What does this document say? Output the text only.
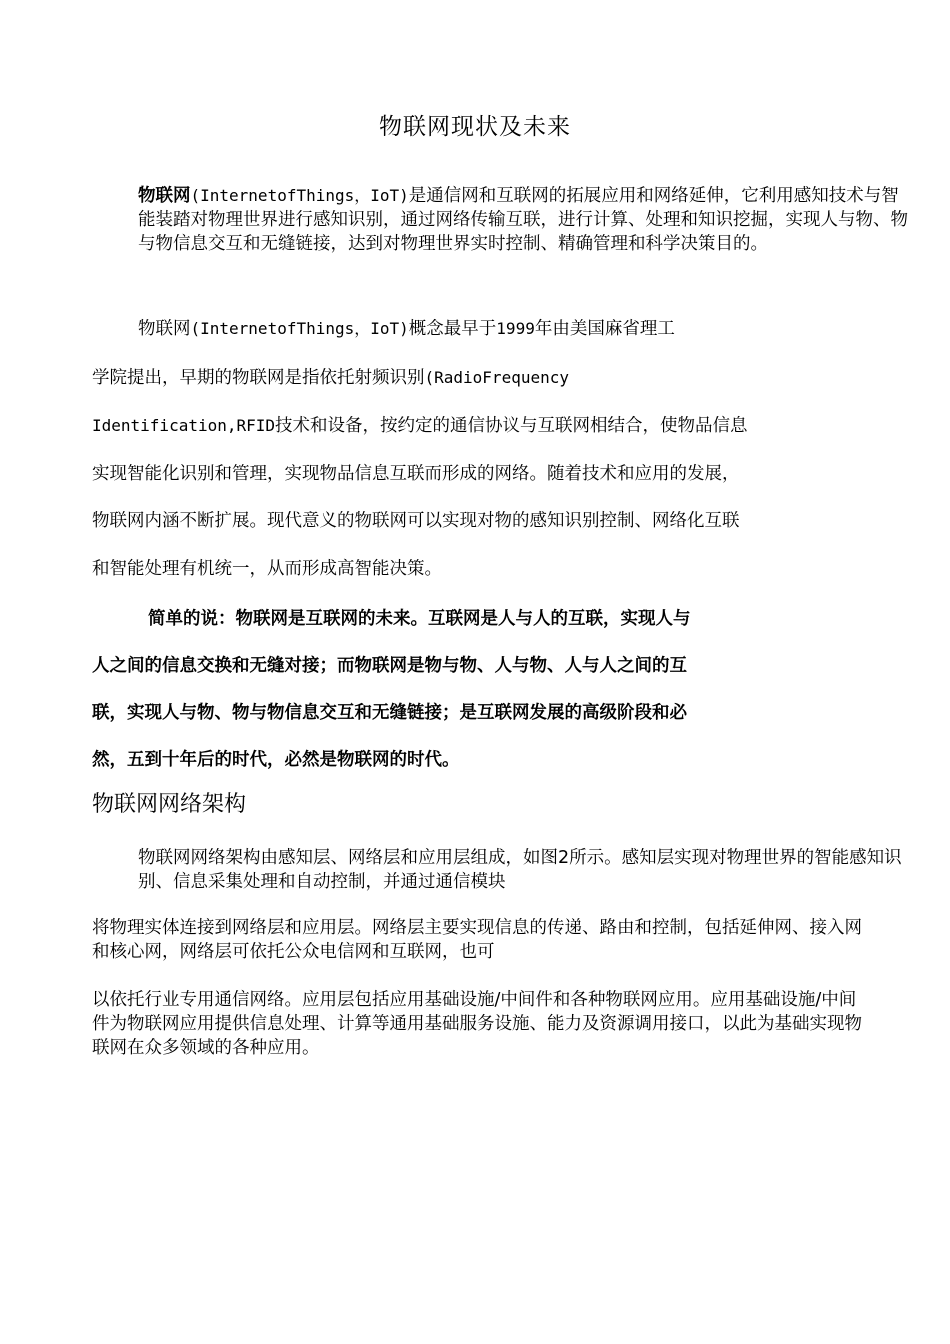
物联网现状及未来
物联网(InternetofThings，IoT)是通信网和互联网的拓展应用和网络延伸，它利用感知技术与智能装踏对物理世界进行感知识别，通过网络传输互联，进行计算、处理和知识挖掘，实现人与物、物与物信息交互和无缝链接，达到对物理世界实时控制、精确管理和科学决策目的。
物联网(InternetofThings，IoT)概念最早于1999年由美国麻省理工
学院提出，早期的物联网是指依托射频识别(RadioFrequency
Identification,RFID技术和设备，按约定的通信协议与互联网相结合，使物品信息
实现智能化识别和管理，实现物品信息互联而形成的网络。随着技术和应用的发展，
物联网内涵不断扩展。现代意义的物联网可以实现对物的感知识别控制、网络化互联
和智能处理有机统一，从而形成高智能决策。
简单的说：物联网是互联网的未来。互联网是人与人的互联，实现人与
人之间的信息交换和无缝对接；而物联网是物与物、人与物、人与人之间的互
联，实现人与物、物与物信息交互和无缝链接；是互联网发展的高级阶段和必
然，五到十年后的时代，必然是物联网的时代。
物联网网络架构
物联网网络架构由感知层、网络层和应用层组成，如图2所示。感知层实现对物理世界的智能感知识别、信息采集处理和自动控制，并通过通信模块
将物理实体连接到网络层和应用层。网络层主要实现信息的传递、路由和控制，包括延伸网、接入网和核心网，网络层可依托公众电信网和互联网，也可
以依托行业专用通信网络。应用层包括应用基础设施/中间件和各种物联网应用。应用基础设施/中间件为物联网应用提供信息处理、计算等通用基础服务设施、能力及资源调用接口，以此为基础实现物联网在众多领域的各种应用。
